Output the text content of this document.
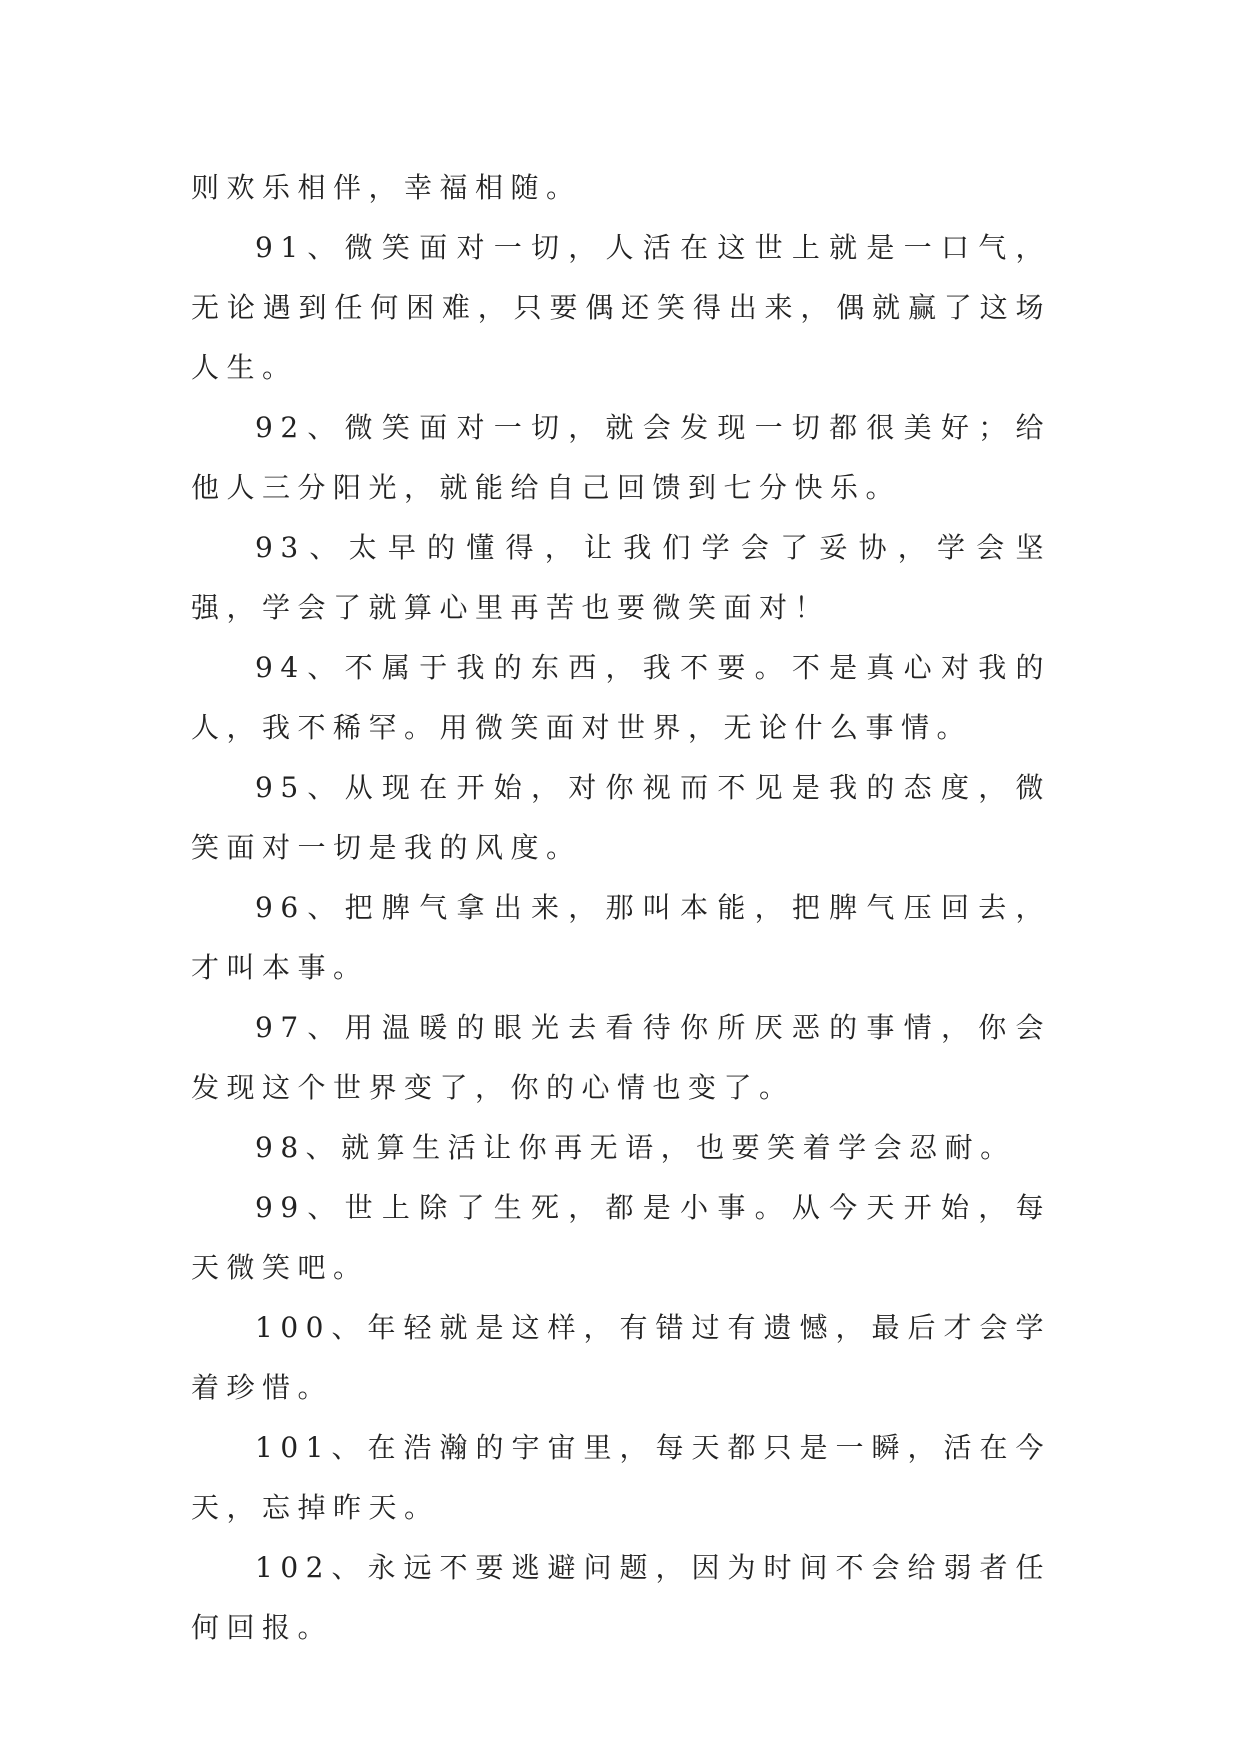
则欢乐相伴，幸福相随。

91、微笑面对一切，人活在这世上就是一口气，无论遇到任何困难，只要偶还笑得出来，偶就赢了这场人生。

92、微笑面对一切，就会发现一切都很美好；给他人三分阳光，就能给自己回馈到七分快乐。

93、太早的懂得，让我们学会了妥协，学会坚强，学会了就算心里再苦也要微笑面对！

94、不属于我的东西，我不要。不是真心对我的人，我不稀罕。用微笑面对世界，无论什么事情。

95、从现在开始，对你视而不见是我的态度，微笑面对一切是我的风度。

96、把脾气拿出来，那叫本能，把脾气压回去，才叫本事。

97、用温暖的眼光去看待你所厌恶的事情，你会发现这个世界变了，你的心情也变了。

98、就算生活让你再无语，也要笑着学会忍耐。

99、世上除了生死，都是小事。从今天开始，每天微笑吧。

100、年轻就是这样，有错过有遗憾，最后才会学着珍惜。

101、在浩瀚的宇宙里，每天都只是一瞬，活在今天，忘掉昨天。

102、永远不要逃避问题，因为时间不会给弱者任何回报。
